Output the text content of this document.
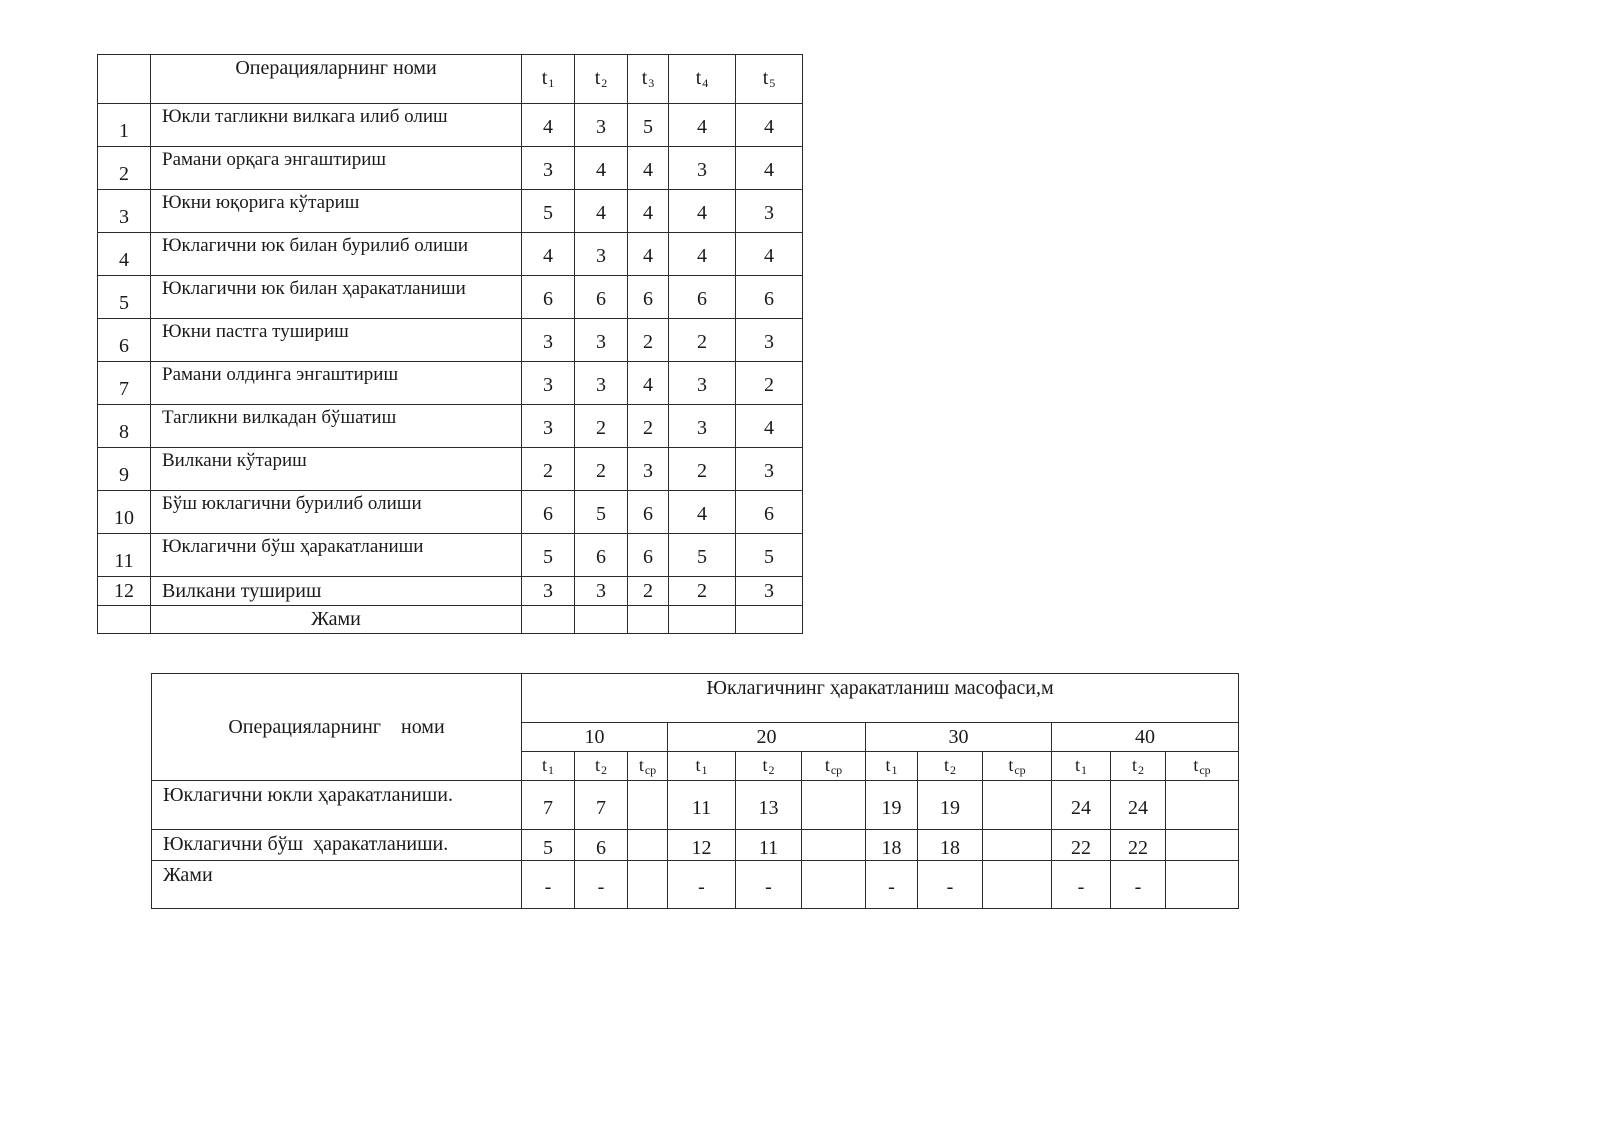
	Операцияларнинг номи	$t_1$	$t_2$	$t_3$	$t_4$	$t_5$
1	Юкли тагликни вилкага илиб олиш	4	3	5	4	4
2	Рамани орқага энгаштириш	3	4	4	3	4
3	Юкни юқорига кўтариш	5	4	4	4	3
4	Юклагични юк билан бурилиб олиши	4	3	4	4	4
5	Юклагични юк билан ҳаракатланиши	6	6	6	6	6
6	Юкни пастга тушириш	3	3	2	2	3
7	Рамани олдинга энгаштириш	3	3	4	3	2
8	Тагликни вилкадан бўшатиш	3	2	2	3	4
9	Вилкани кўтариш	2	2	3	2	3
10	Бўш юклагични бурилиб олиши	6	5	6	4	6
11	Юклагични бўш ҳаракатланиши	5	6	6	5	5
12	Вилкани тушириш	3	3	2	2	3
	Жами					
Операцияларнинг    номи	Юклагичнинг ҳаракатланиш масофаси,м											
	10			20			30			40		
	$t_1$	$t_2$	$t_{ср}$	$t_1$	$t_2$	$t_{ср}$	$t_1$	$t_2$	$t_{ср}$	$t_1$	$t_2$	$t_{ср}$
Юклагични юкли ҳаракатланиши.	7	7		11	13		19	19		24	24	
Юклагични бўш  ҳаракатланиши.	5	6		12	11		18	18		22	22	
Жами	-	-		-	-		-	-		-	-	
